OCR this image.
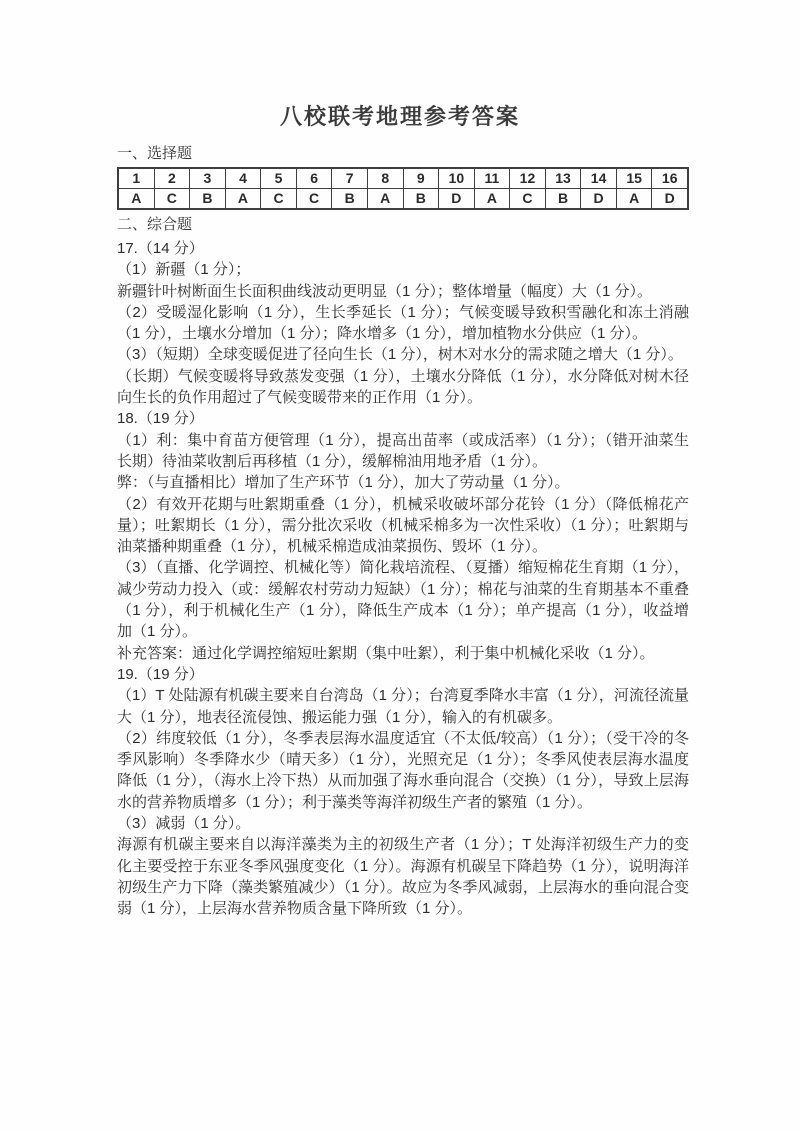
八校联考地理参考答案
一、选择题
1	2	3	4	5	6	7	8	9	10	11	12	13	14	15	16
A	C	B	A	C	C	B	A	B	D	A	C	B	D	A	D
二、综合题
17.（14 分）

（1）新疆（1 分）；

新疆针叶树断面生长面积曲线波动更明显（1 分）；整体增量（幅度）大（1 分）。

（2）受暖湿化影响（1 分），生长季延长（1 分）；气候变暖导致积雪融化和冻土消融（1 分），土壤水分增加（1 分）；降水增多（1 分），增加植物水分供应（1 分）。

（3）（短期）全球变暖促进了径向生长（1 分），树木对水分的需求随之增大（1 分）。

（长期）气候变暖将导致蒸发变强（1 分），土壤水分降低（1 分），水分降低对树木径向生长的负作用超过了气候变暖带来的正作用（1 分）。

18.（19 分）

（1）利：集中育苗方便管理（1 分），提高出苗率（或成活率）（1 分）；（错开油菜生长期）待油菜收割后再移植（1 分），缓解棉油用地矛盾（1 分）。

弊：（与直播相比）增加了生产环节（1 分），加大了劳动量（1 分）。

（2）有效开花期与吐絮期重叠（1 分），机械采收破坏部分花铃（1 分）（降低棉花产量）；吐絮期长（1 分），需分批次采收（机械采棉多为一次性采收）（1 分）；吐絮期与油菜播种期重叠（1 分），机械采棉造成油菜损伤、毁坏（1 分）。

（3）（直播、化学调控、机械化等）简化栽培流程、（夏播）缩短棉花生育期（1 分），减少劳动力投入（或：缓解农村劳动力短缺）（1 分）；棉花与油菜的生育期基本不重叠（1 分），利于机械化生产（1 分），降低生产成本（1 分）；单产提高（1 分），收益增加（1 分）。

补充答案：通过化学调控缩短吐絮期（集中吐絮），利于集中机械化采收（1 分）。

19.（19 分）

（1）T 处陆源有机碳主要来自台湾岛（1 分）；台湾夏季降水丰富（1 分），河流径流量大（1 分），地表径流侵蚀、搬运能力强（1 分），输入的有机碳多。

（2）纬度较低（1 分），冬季表层海水温度适宜（不太低/较高）（1 分）；（受干冷的冬季风影响）冬季降水少（晴天多）（1 分），光照充足（1 分）；冬季风使表层海水温度降低（1 分），（海水上冷下热）从而加强了海水垂向混合（交换）（1 分），导致上层海水的营养物质增多（1 分）；利于藻类等海洋初级生产者的繁殖（1 分）。

（3）减弱（1 分）。

海源有机碳主要来自以海洋藻类为主的初级生产者（1 分）；T 处海洋初级生产力的变化主要受控于东亚冬季风强度变化（1 分）。海源有机碳呈下降趋势（1 分），说明海洋初级生产力下降（藻类繁殖减少）（1 分）。故应为冬季风减弱，上层海水的垂向混合变弱（1 分），上层海水营养物质含量下降所致（1 分）。
